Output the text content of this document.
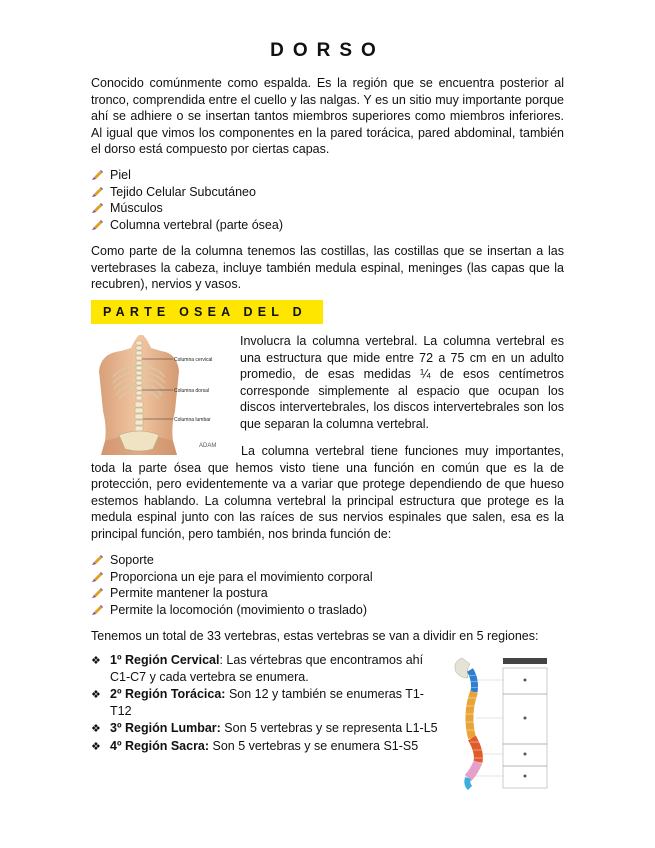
DORSO

Conocido comúnmente como espalda. Es la región que se encuentra posterior al tronco, comprendida entre el cuello y las nalgas. Y es un sitio muy importante porque ahí se adhiere o se insertan tantos miembros superiores como miembros inferiores. Al igual que vimos los componentes en la pared torácica, pared abdominal, también el dorso está compuesto por ciertas capas.

Piel
Tejido Celular Subcutáneo
Músculos
Columna vertebral (parte ósea)

Como parte de la columna tenemos las costillas, las costillas que se insertan a las vertebrases la cabeza, incluye también medula espinal, meninges (las capas que la recubren), nervios y vasos.

PARTE OSEA DEL D
Columna cervical
Columna dorsal
Columna lumbar
ADAM

Involucra la columna vertebral. La columna vertebral es una estructura que mide entre 72 a 75 cm en un adulto promedio, de esas medidas ¼ de esos centímetros corresponde simplemente al espacio que ocupan los discos intervertebrales, los discos intervertebrales son los que separan la columna vertebral.

La columna vertebral tiene funciones muy importantes, toda la parte ósea que hemos visto tiene una función en común que es la de protección, pero evidentemente va a variar que protege dependiendo de que hueso estemos hablando. La columna vertebral la principal estructura que protege es la medula espinal junto con las raíces de sus nervios espinales que salen, esa es la principal función, pero también, nos brinda función de:

Soporte
Proporciona un eje para el movimiento corporal
Permite mantener la postura
Permite la locomoción (movimiento o traslado)

Tenemos un total de 33 vertebras, estas vertebras se van a dividir en 5 regiones:

❖ 1º Región Cervical: Las vértebras que encontramos ahí C1-C7 y cada vertebra se enumera.
❖ 2º Región Torácica: Son 12 y también se enumeras T1-T12
❖ 3º Región Lumbar: Son 5 vertebras y se representa L1-L5
❖ 4º Región Sacra: Son 5 vertebras y se enumera S1-S5
